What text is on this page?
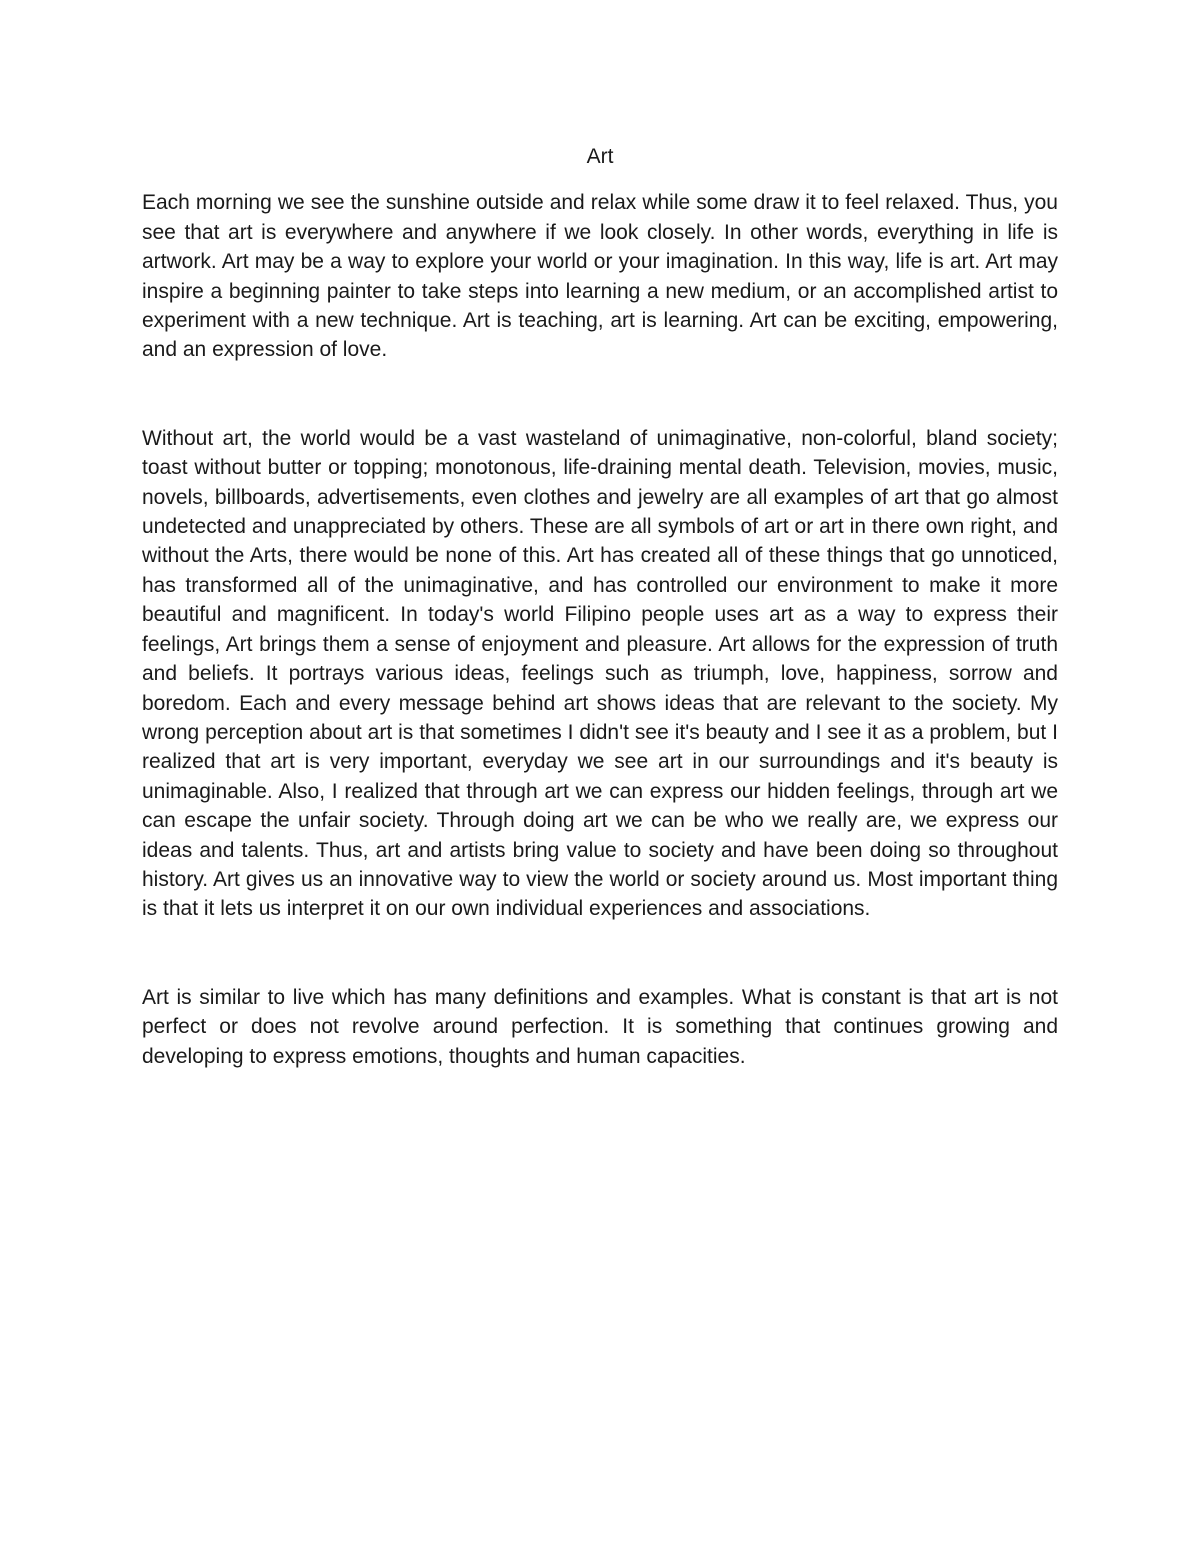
Art

Each morning we see the sunshine outside and relax while some draw it to feel relaxed. Thus, you see that art is everywhere and anywhere if we look closely. In other words, everything in life is artwork. Art may be a way to explore your world or your imagination. In this way, life is art. Art may inspire a beginning painter to take steps into learning a new medium, or an accomplished artist to experiment with a new technique. Art is teaching, art is learning. Art can be exciting, empowering, and an expression of love.

Without art, the world would be a vast wasteland of unimaginative, non-colorful, bland society; toast without butter or topping; monotonous, life-draining mental death. Television, movies, music, novels, billboards, advertisements, even clothes and jewelry are all examples of art that go almost undetected and unappreciated by others. These are all symbols of art or art in there own right, and without the Arts, there would be none of this. Art has created all of these things that go unnoticed, has transformed all of the unimaginative, and has controlled our environment to make it more beautiful and magnificent. In today's world Filipino people uses art as a way to express their feelings, Art brings them a sense of enjoyment and pleasure. Art allows for the expression of truth and beliefs. It portrays various ideas, feelings such as triumph, love, happiness, sorrow and boredom. Each and every message behind art shows ideas that are relevant to the society. My wrong perception about art is that sometimes I didn't see it's beauty and I see it as a problem, but I realized that art is very important, everyday we see art in our surroundings and it's beauty is unimaginable. Also, I realized that through art we can express our hidden feelings, through art we can escape the unfair society. Through doing art we can be who we really are, we express our ideas and talents. Thus, art and artists bring value to society and have been doing so throughout history. Art gives us an innovative way to view the world or society around us. Most important thing is that it lets us interpret it on our own individual experiences and associations.

Art is similar to live which has many definitions and examples. What is constant is that art is not perfect or does not revolve around perfection. It is something that continues growing and developing to express emotions, thoughts and human capacities.
